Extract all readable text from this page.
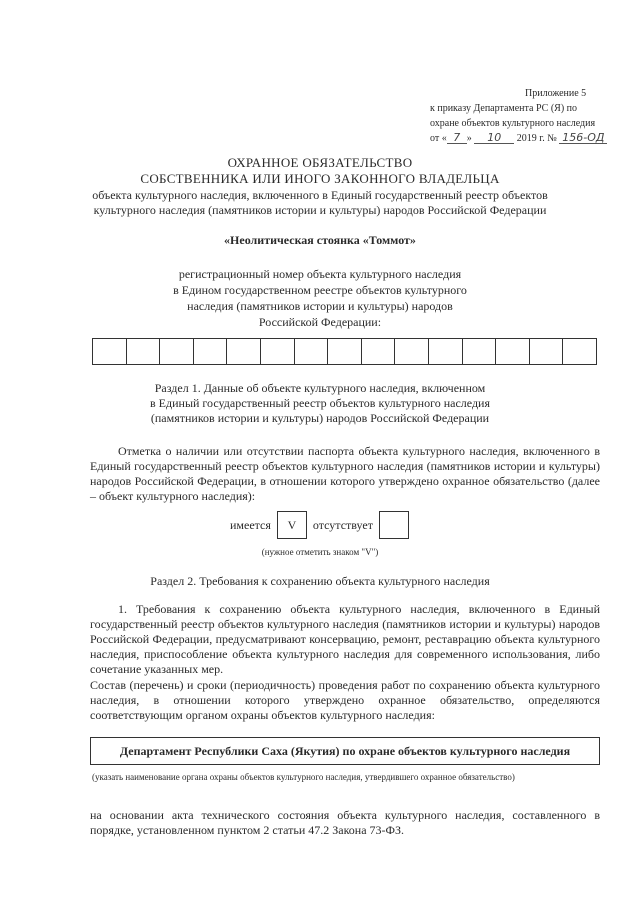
Приложение 5
к приказу Департамента РС (Я) по
охране объектов культурного наследия
от « 7 » 10 2019 г. № 156-ОД
ОХРАННОЕ ОБЯЗАТЕЛЬСТВО
СОБСТВЕННИКА ИЛИ ИНОГО ЗАКОННОГО ВЛАДЕЛЬЦА
объекта культурного наследия, включенного в Единый государственный реестр объектов
культурного наследия (памятников истории и культуры) народов Российской Федерации
«Неолитическая стоянка «Томмот»
регистрационный номер объекта культурного наследия
в Едином государственном реестре объектов культурного
наследия (памятников истории и культуры) народов
Российской Федерации:
Раздел 1. Данные об объекте культурного наследия, включенном
в Единый государственный реестр объектов культурного наследия
(памятников истории и культуры) народов Российской Федерации
Отметка о наличии или отсутствии паспорта объекта культурного наследия, включенного в Единый государственный реестр объектов культурного наследия (памятников истории и культуры) народов Российской Федерации, в отношении которого утверждено охранное обязательство (далее – объект культурного наследия):
имеется	V	отсутствует
(нужное отметить знаком "V")
Раздел 2. Требования к сохранению объекта культурного наследия
1. Требования к сохранению объекта культурного наследия, включенного в Единый государственный реестр объектов культурного наследия (памятников истории и культуры) народов Российской Федерации, предусматривают консервацию, ремонт, реставрацию объекта культурного наследия, приспособление объекта культурного наследия для современного использования, либо сочетание указанных мер.
Состав (перечень) и сроки (периодичность) проведения работ по сохранению объекта культурного наследия, в отношении которого утверждено охранное обязательство, определяются соответствующим органом охраны объектов культурного наследия:
Департамент Республики Саха (Якутия) по охране объектов культурного наследия
(указать наименование органа охраны объектов культурного наследия, утвердившего охранное обязательство)
на основании акта технического состояния объекта культурного наследия, составленного в порядке, установленном пунктом 2 статьи 47.2 Закона 73-ФЗ.
